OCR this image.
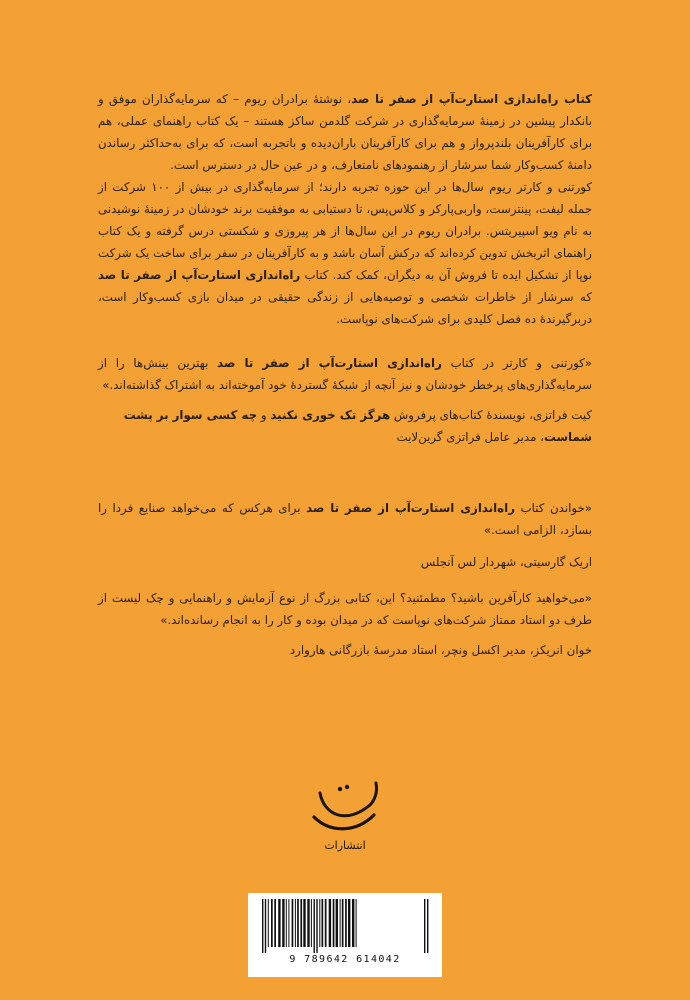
کتاب راه‌اندازی استارت‌آپ از صفر تا صد، نوشتهٔ برادران ریوم – که سرمایه‌گذاران موفق و بانکدار پیشین در زمینهٔ سرمایه‌گذاری در شرکت گلدمن ساکز هستند – یک کتاب راهنمای عملی، هم برای کارآفرینان بلندپرواز و هم برای کارآفرینان باران‌دیده و باتجربه است، که برای به‌حداکثر رساندن دامنهٔ کسب‌وکار شما سرشار از رهنمودهای نامتعارف، و در عین حال در دسترس است.

کورتنی و کارتر ریوم سال‌ها در این حوزه تجربه دارند؛ از سرمایه‌گذاری در بیش از ۱۰۰ شرکت از جمله لیفت، پینترست، واربی‌پارکر و کلاس‌پس، تا دستیابی به موفقیت برند خودشان در زمینهٔ نوشیدنی به نام ویو اسپیریتس. برادران ریوم در این سال‌ها از هر پیروزی و شکستی درس گرفته و یک کتاب راهنمای اثربخش تدوین کرده‌اند که درکش آسان باشد و به کارآفرینان در سفر برای ساخت یک شرکت نوپا از تشکیل ایده تا فروش آن به دیگران، کمک کند. کتاب راه‌اندازی استارت‌آپ از صفر تا صد که سرشار از خاطرات شخصی و توصیه‌هایی از زندگی حقیقی در میدان بازی کسب‌وکار است، دربرگیرندهٔ ده فصل کلیدی برای شرکت‌های نوپاست.

«کورتنی و کارتر در کتاب راه‌اندازی استارت‌آپ از صفر تا صد بهترین بینش‌ها را از سرمایه‌گذاری‌های پرخطر خودشان و نیز آنچه از شبکهٔ گستردهٔ خود آموخته‌اند به اشتراک گذاشته‌اند.»

کیت فراتزی، نویسندهٔ کتاب‌های پرفروش هرگز تک خوری نکنید و چه کسی سوار بر پشت شماست، مدیر عامل فراتزی گرین‌لایت

«خواندن کتاب راه‌اندازی استارت‌آپ از صفر تا صد برای هرکس که می‌خواهد صنایع فردا را بسازد، الزامی است.»

اریک گارسیتی، شهردار لس آنجلس

«می‌خواهید کارآفرین باشید؟ مطمئنید؟ این، کتابی بزرگ از نوع آزمایش و راهنمایی و چک لیست از طرف دو استاد ممتاز شرکت‌های نوپاست که در میدان بوده و کار را به انجام رسانده‌اند.»

خوان انریکز، مدیر اکسل ونچر، استاد مدرسهٔ بازرگانی هاروارد

انتشارات
9 789642 614042
